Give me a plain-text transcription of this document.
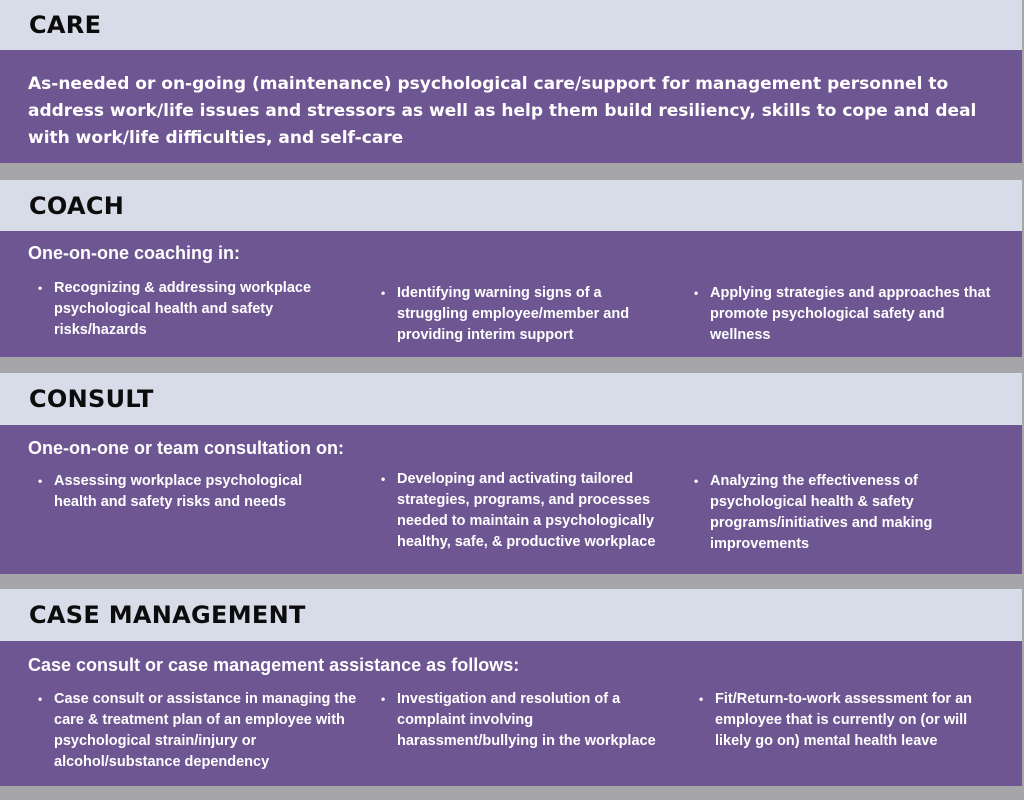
CARE

As-needed or on-going (maintenance) psychological care/support for management personnel to address work/life issues and stressors as well as help them build resiliency, skills to cope and deal with work/life difficulties, and self-care

COACH

One-on-one coaching in:

• Recognizing & addressing workplace psychological health and safety risks/hazards
• Identifying warning signs of a struggling employee/member and providing interim support
• Applying strategies and approaches that promote psychological safety and wellness
CONSULT

One-on-one or team consultation on:

• Assessing workplace psychological health and safety risks and needs
• Developing and activating tailored strategies, programs, and processes needed to maintain a psychologically healthy, safe, & productive workplace
• Analyzing the effectiveness of psychological health & safety programs/initiatives and making improvements
CASE MANAGEMENT

Case consult or case management assistance as follows:

• Case consult or assistance in managing the care & treatment plan of an employee with psychological strain/injury or alcohol/substance dependency
• Investigation and resolution of a complaint involving harassment/bullying in the workplace
• Fit/Return-to-work assessment for an employee that is currently on (or will likely go on) mental health leave
